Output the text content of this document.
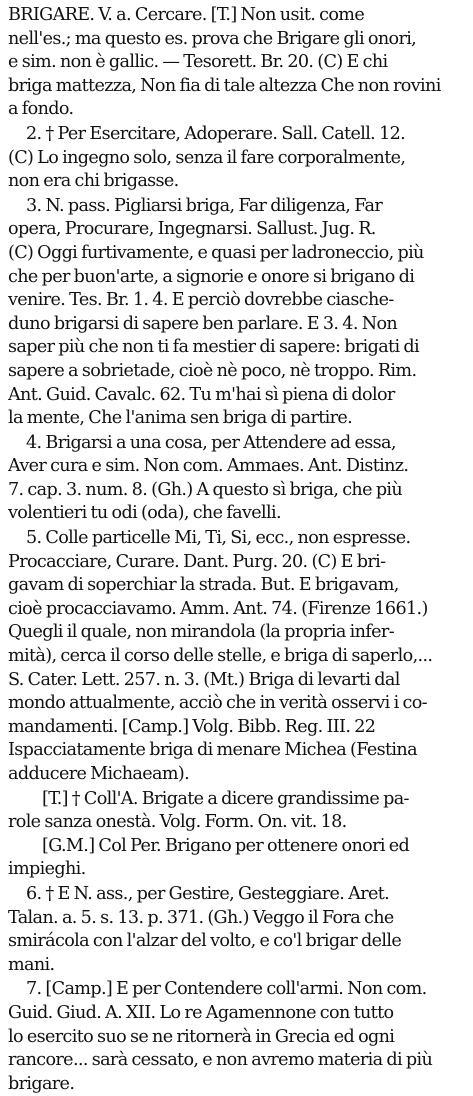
BRIGARE. V. a. Cercare. [T.] Non usit. come
nell'es.; ma questo es. prova che Brigare gli onori,
e sim. non è gallic. — Tesorett. Br. 20. (C) E chi
briga mattezza, Non fia di tale altezza Che non rovini
a fondo.
2. † Per Esercitare, Adoperare. Sall. Catell. 12.
(C) Lo ingegno solo, senza il fare corporalmente,
non era chi brigasse.
3. N. pass. Pigliarsi briga, Far diligenza, Far
opera, Procurare, Ingegnarsi. Sallust. Jug. R.
(C) Oggi furtivamente, e quasi per ladroneccio, più
che per buon'arte, a signorie e onore si brigano di
venire. Tes. Br. 1. 4. E perciò dovrebbe ciasche-
duno brigarsi di sapere ben parlare. E 3. 4. Non
saper più che non ti fa mestier di sapere: brigati di
sapere a sobrietade, cioè nè poco, nè troppo. Rim.
Ant. Guid. Cavalc. 62. Tu m'hai sì piena di dolor
la mente, Che l'anima sen briga di partire.
4. Brigarsi a una cosa, per Attendere ad essa,
Aver cura e sim. Non com. Ammaes. Ant. Distinz.
7. cap. 3. num. 8. (Gh.) A questo sì briga, che più
volentieri tu odi (oda), che favelli.
5. Colle particelle Mi, Ti, Si, ecc., non espresse.
Procacciare, Curare. Dant. Purg. 20. (C) E bri-
gavam di soperchiar la strada. But. E brigavam,
cioè procacciavamo. Amm. Ant. 74. (Firenze 1661.)
Quegli il quale, non mirandola (la propria infer-
mità), cerca il corso delle stelle, e briga di saperlo,...
S. Cater. Lett. 257. n. 3. (Mt.) Briga di levarti dal
mondo attualmente, acciò che in verità osservi i co-
mandamenti. [Camp.] Volg. Bibb. Reg. III. 22
Ispacciatamente briga di menare Michea (Festina
adducere Michaeam).
[T.] † Coll'A. Brigate a dicere grandissime pa-
role sanza onestà. Volg. Form. On. vit. 18.
[G.M.] Col Per. Brigano per ottenere onori ed
impieghi.
6. † E N. ass., per Gestire, Gesteggiare. Aret.
Talan. a. 5. s. 13. p. 371. (Gh.) Veggo il Fora che
smirácola con l'alzar del volto, e co'l brigar delle
mani.
7. [Camp.] E per Contendere coll'armi. Non com.
Guid. Giud. A. XII. Lo re Agamennone con tutto
lo esercito suo se ne ritornerà in Grecia ed ogni
rancore... sarà cessato, e non avremo materia di più
brigare.
